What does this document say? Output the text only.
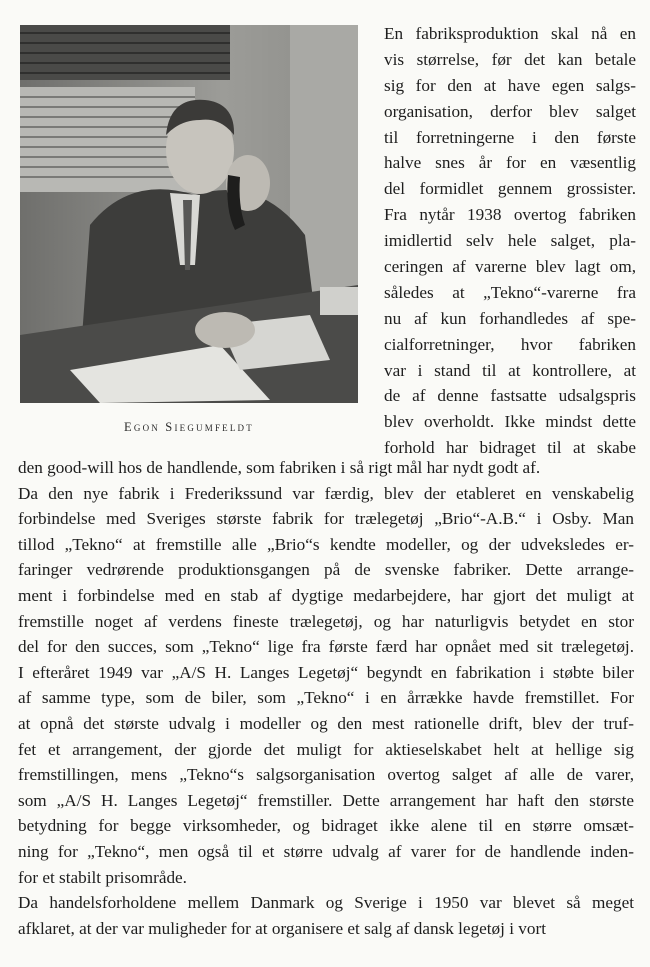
Egon Siegumfeldt

En fabriksproduktion skal nå en
vis størrelse, før det kan betale
sig for den at have egen salgs-
organisation, derfor blev salget
til forretningerne i den første
halve snes år for en væsentlig
del formidlet gennem grossister.
Fra nytår 1938 overtog fabriken
imidlertid selv hele salget, pla-
ceringen af varerne blev lagt om,
således at „Tekno“-varerne fra
nu af kun forhandledes af spe-
cialforretninger, hvor fabriken
var i stand til at kontrollere, at
de af denne fastsatte udsalgspris
blev overholdt. Ikke mindst dette
forhold har bidraget til at skabe

den good-will hos de handlende, som fabriken i så rigt mål har nydt godt af.
Da den nye fabrik i Frederikssund var færdig, blev der etableret en venskabelig
forbindelse med Sveriges største fabrik for trælegetøj „Brio“-A.B.“ i Osby. Man
tillod „Tekno“ at fremstille alle „Brio“s kendte modeller, og der udveksledes er-
faringer vedrørende produktionsgangen på de svenske fabriker. Dette arrange-
ment i forbindelse med en stab af dygtige medarbejdere, har gjort det muligt at
fremstille noget af verdens fineste trælegetøj, og har naturligvis betydet en stor
del for den succes, som „Tekno“ lige fra første færd har opnået med sit trælegetøj.
I efteråret 1949 var „A/S H. Langes Legetøj“ begyndt en fabrikation i støbte biler
af samme type, som de biler, som „Tekno“ i en årrække havde fremstillet. For
at opnå det største udvalg i modeller og den mest rationelle drift, blev der truf-
fet et arrangement, der gjorde det muligt for aktieselskabet helt at hellige sig
fremstillingen, mens „Tekno“s salgsorganisation overtog salget af alle de varer,
som „A/S H. Langes Legetøj“ fremstiller. Dette arrangement har haft den største
betydning for begge virksomheder, og bidraget ikke alene til en større omsæt-
ning for „Tekno“, men også til et større udvalg af varer for de handlende inden-
for et stabilt prisområde.
Da handelsforholdene mellem Danmark og Sverige i 1950 var blevet så meget
afklaret, at der var muligheder for at organisere et salg af dansk legetøj i vort
